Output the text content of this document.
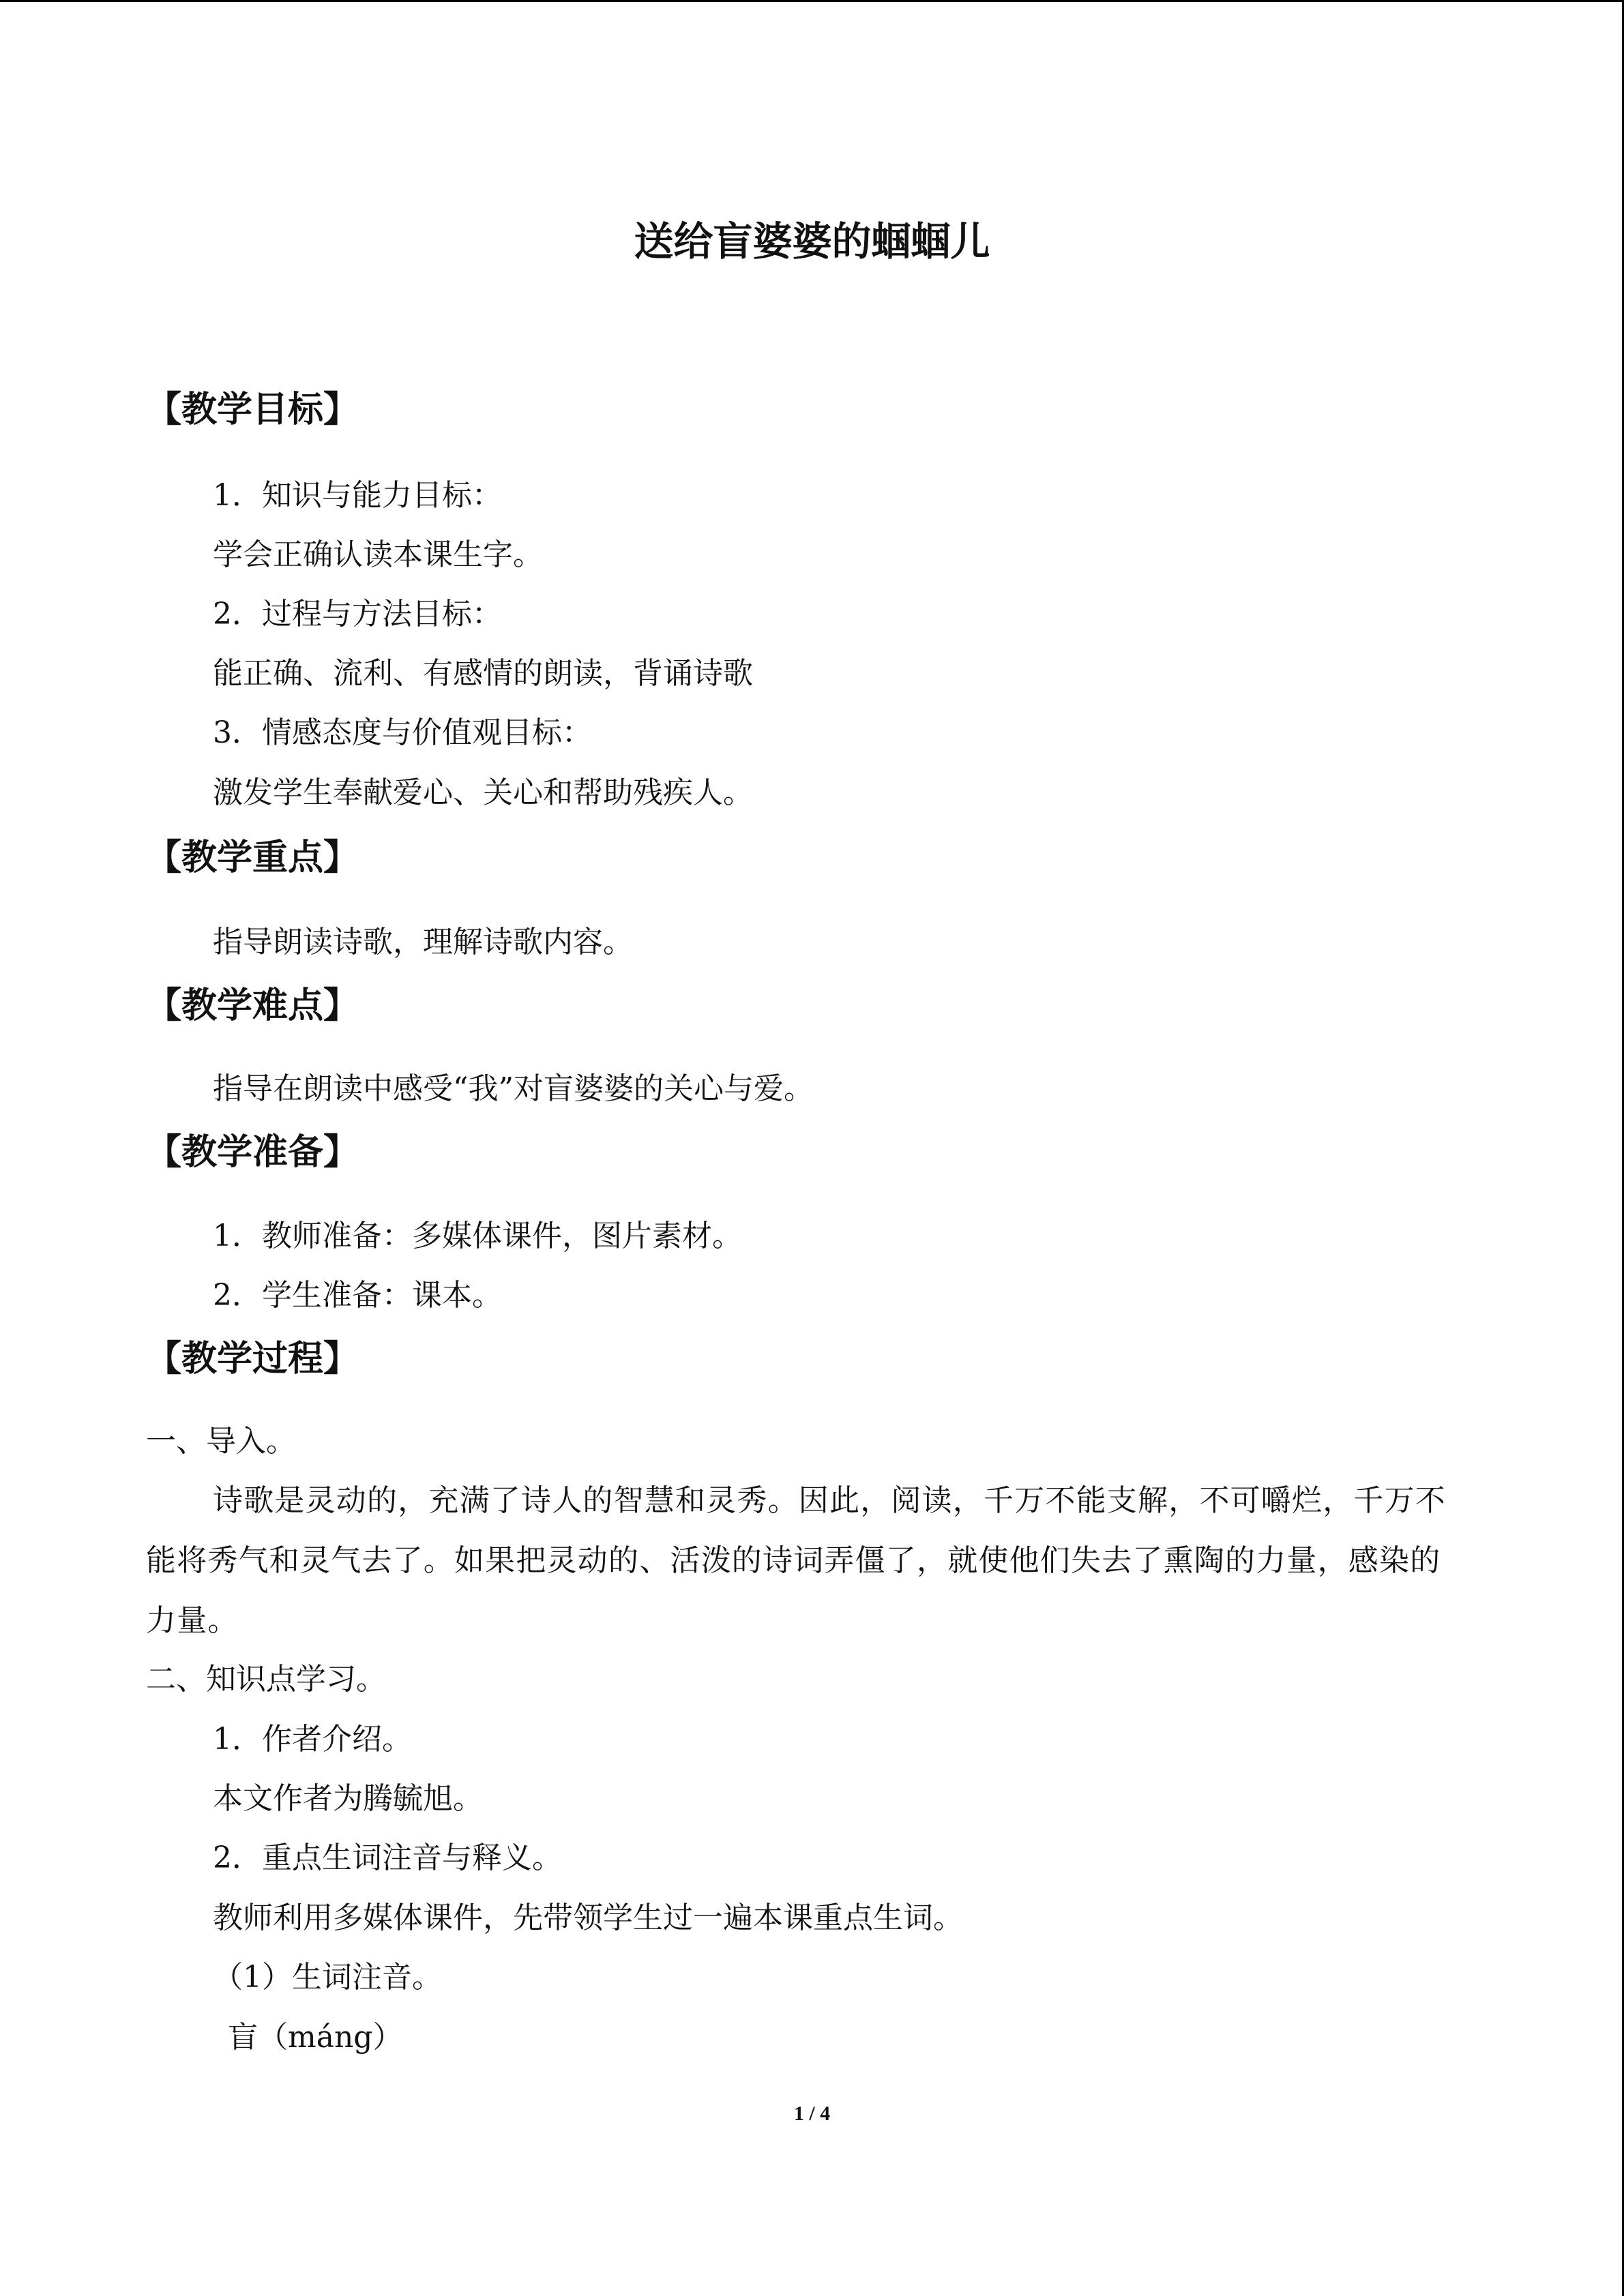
送给盲婆婆的蝈蝈儿
【教学目标】
1．知识与能力目标：
学会正确认读本课生字。
2．过程与方法目标：
能正确、流利、有感情的朗读，背诵诗歌
3．情感态度与价值观目标：
激发学生奉献爱心、关心和帮助残疾人。
【教学重点】
指导朗读诗歌，理解诗歌内容。
【教学难点】
指导在朗读中感受“我”对盲婆婆的关心与爱。
【教学准备】
1．教师准备：多媒体课件，图片素材。
2．学生准备：课本。
【教学过程】
一、导入。
诗歌是灵动的，充满了诗人的智慧和灵秀。因此，阅读，千万不能支解，不可嚼烂，千万不能将秀气和灵气去了。如果把灵动的、活泼的诗词弄僵了，就使他们失去了熏陶的力量，感染的力量。
二、知识点学习。
1．作者介绍。
本文作者为腾毓旭。
2．重点生词注音与释义。
教师利用多媒体课件，先带领学生过一遍本课重点生词。
（1）生词注音。
盲（máng）
1 / 4
